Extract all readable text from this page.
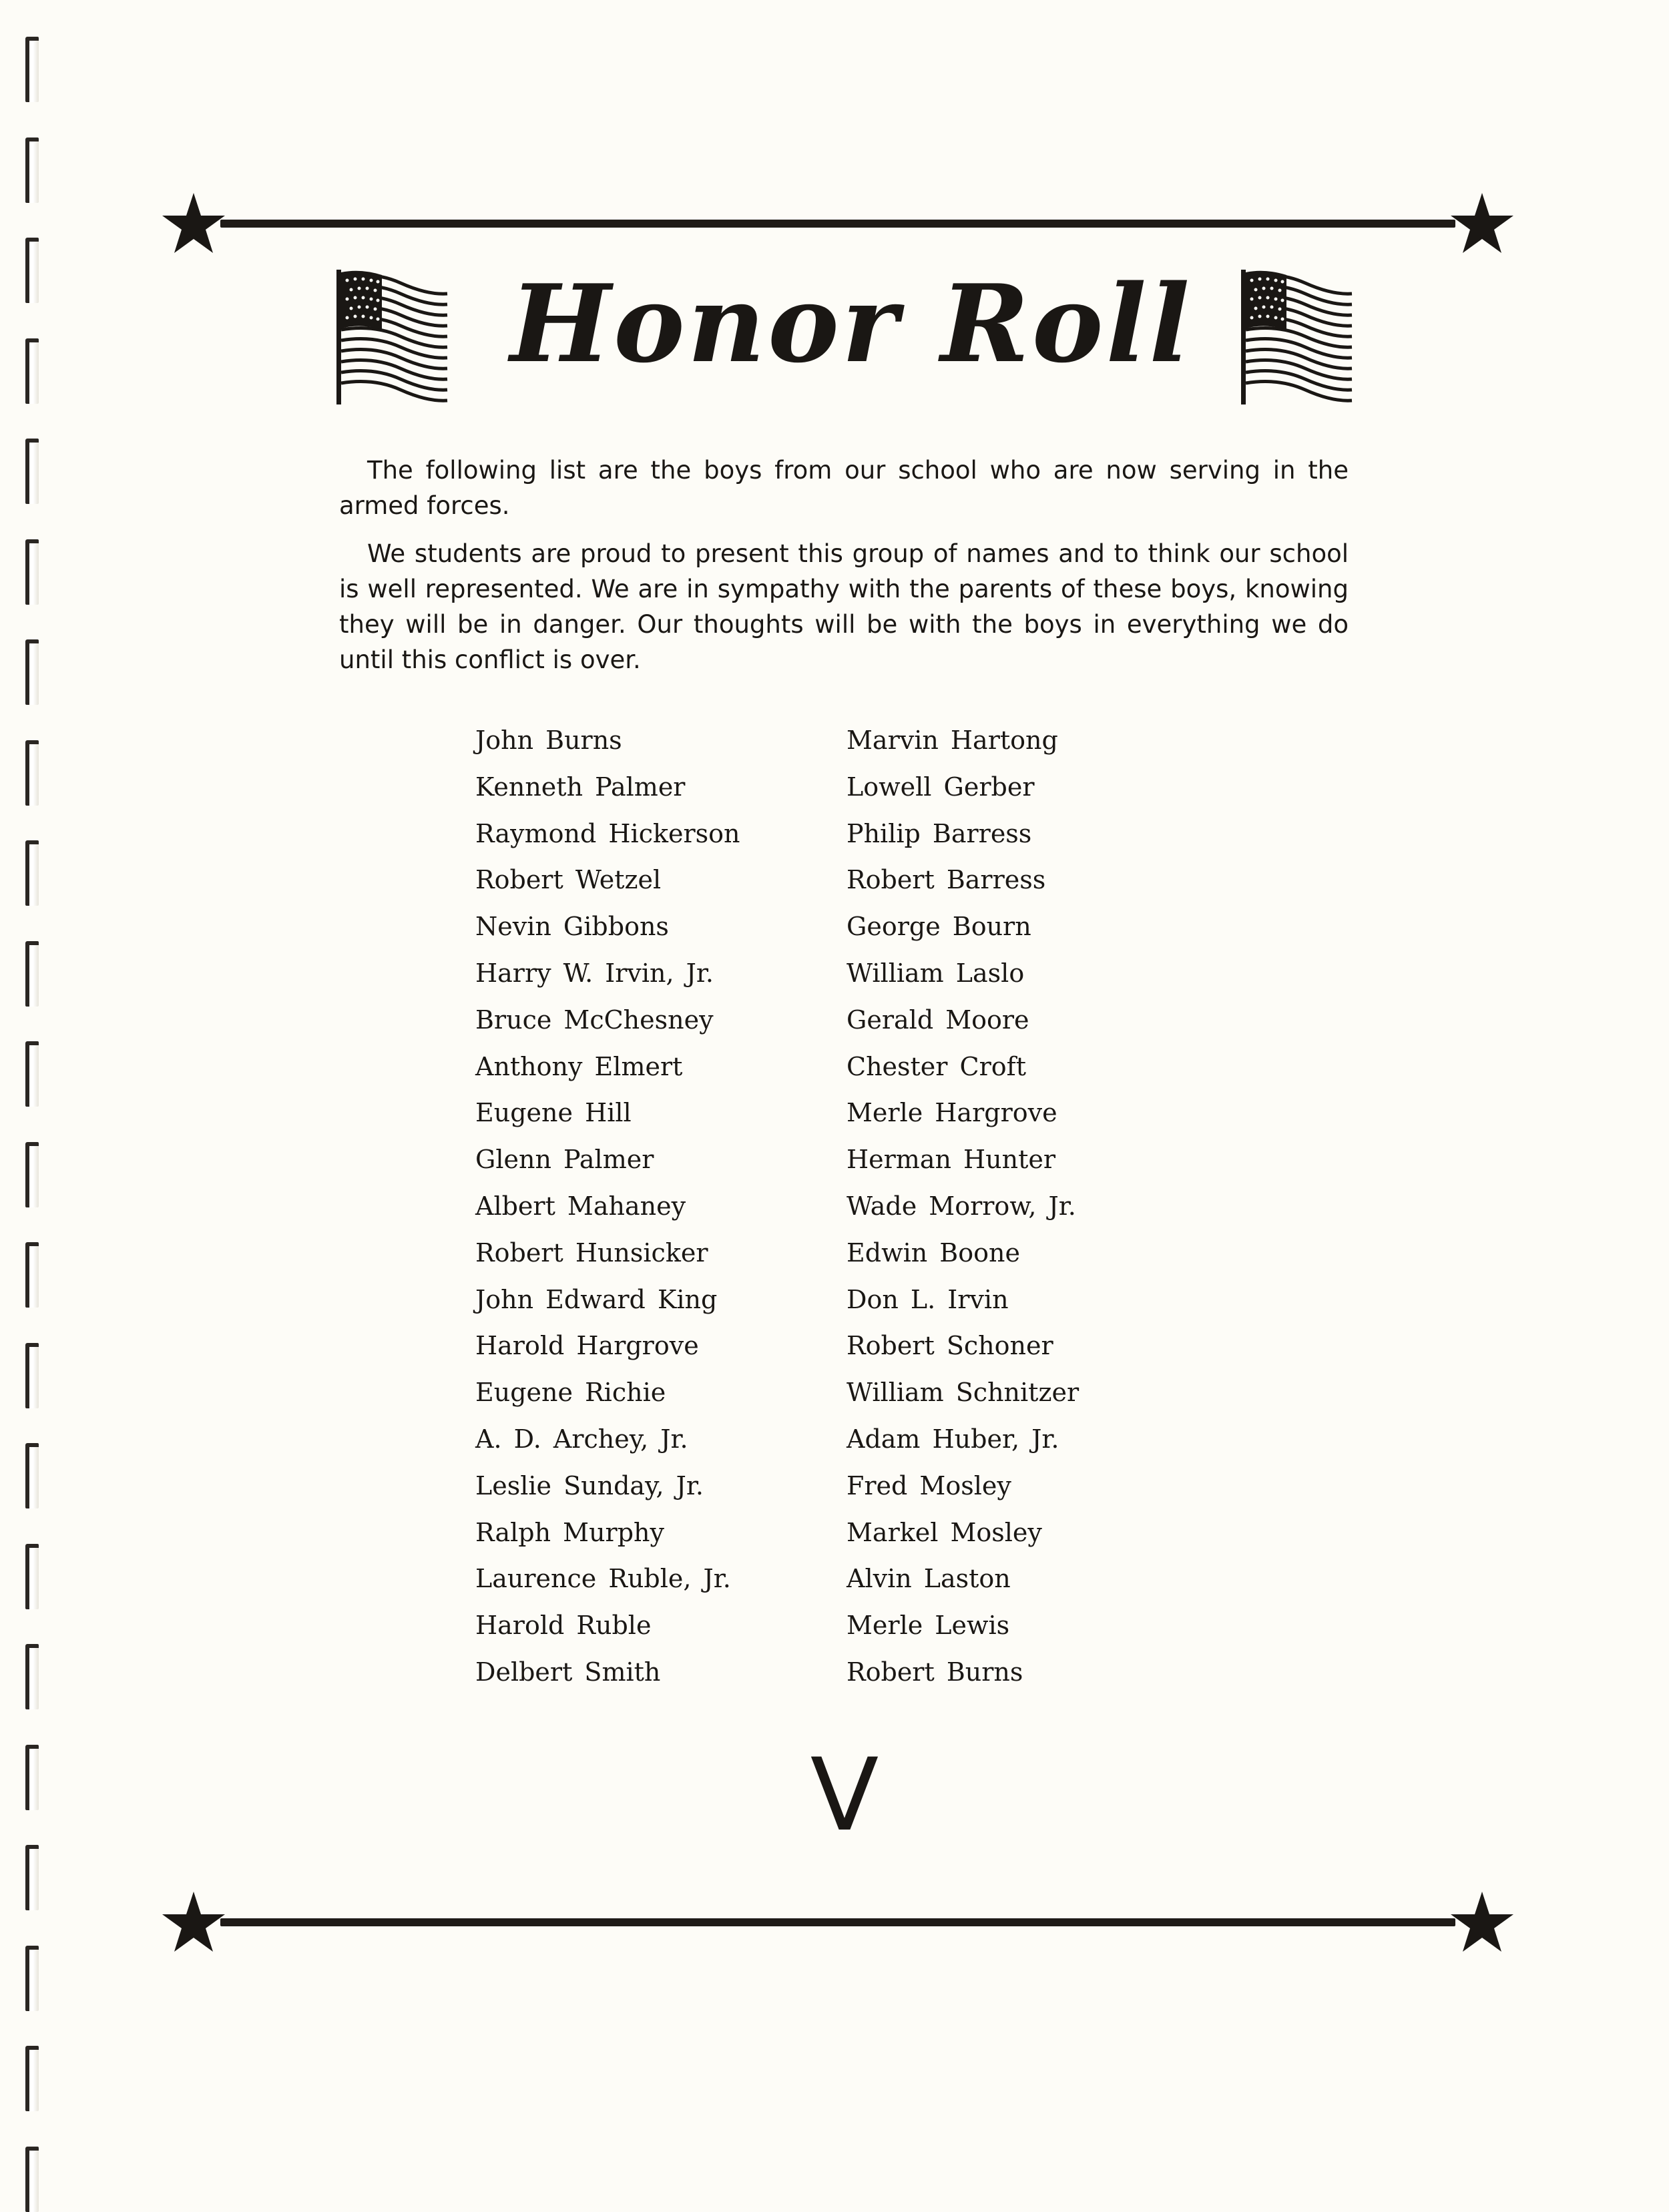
Honor Roll

The following list are the boys from our school who are now serving in the armed forces.

We students are proud to present this group of names and to think our school is well represented. We are in sympathy with the parents of these boys, knowing they will be in danger. Our thoughts will be with the boys in everything we do until this conflict is over.

John Burns
Kenneth Palmer
Raymond Hickerson
Robert Wetzel
Nevin Gibbons
Harry W. Irvin, Jr.
Bruce McChesney
Anthony Elmert
Eugene Hill
Glenn Palmer
Albert Mahaney
Robert Hunsicker
John Edward King
Harold Hargrove
Eugene Richie
A. D. Archey, Jr.
Leslie Sunday, Jr.
Ralph Murphy
Laurence Ruble, Jr.
Harold Ruble
Delbert Smith
Marvin Hartong
Lowell Gerber
Philip Barress
Robert Barress
George Bourn
William Laslo
Gerald Moore
Chester Croft
Merle Hargrove
Herman Hunter
Wade Morrow, Jr.
Edwin Boone
Don L. Irvin
Robert Schoner
William Schnitzer
Adam Huber, Jr.
Fred Mosley
Markel Mosley
Alvin Laston
Merle Lewis
Robert Burns
V
